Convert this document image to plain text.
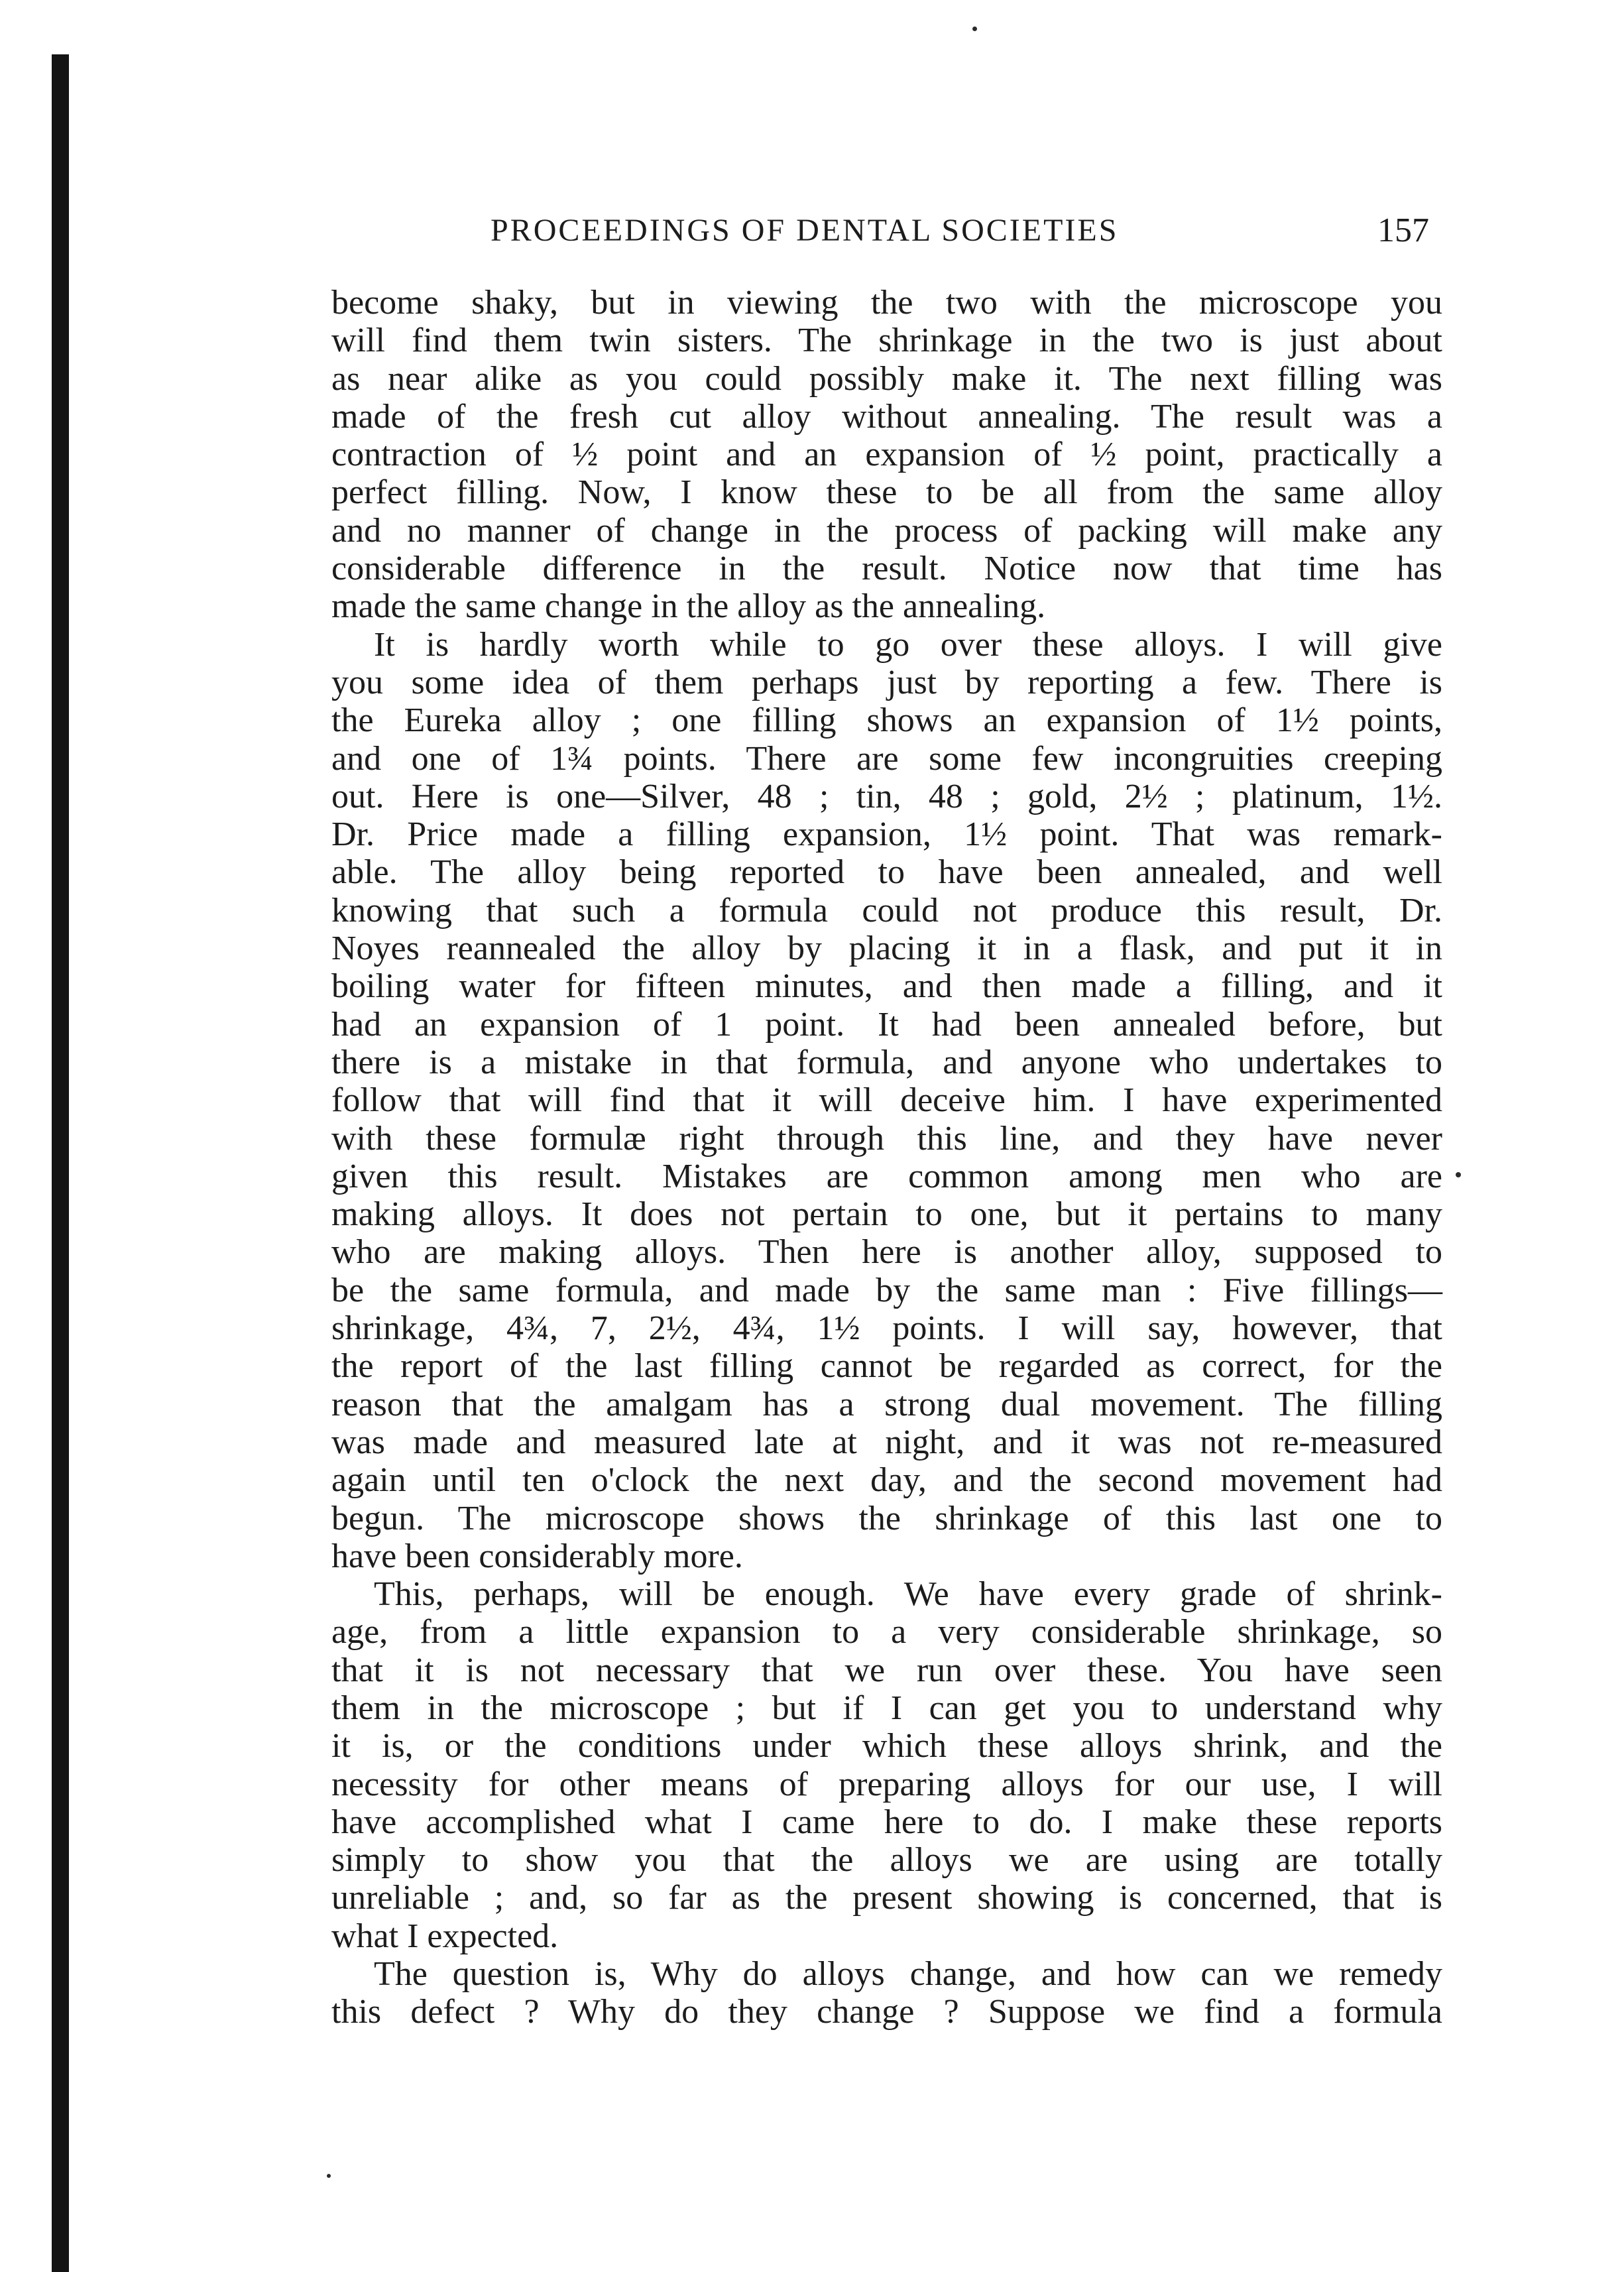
PROCEEDINGS OF DENTAL SOCIETIES	157
become shaky, but in viewing the two with the microscope you
will find them twin sisters. The shrinkage in the two is just about
as near alike as you could possibly make it. The next filling was
made of the fresh cut alloy without annealing. The result was a
contraction of ½ point and an expansion of ½ point, practically a
perfect filling. Now, I know these to be all from the same alloy
and no manner of change in the process of packing will make any
considerable difference in the result. Notice now that time has
made the same change in the alloy as the annealing.
It is hardly worth while to go over these alloys. I will give
you some idea of them perhaps just by reporting a few. There is
the Eureka alloy ; one filling shows an expansion of 1½ points,
and one of 1¾ points. There are some few incongruities creeping
out. Here is one—Silver, 48 ; tin, 48 ; gold, 2½ ; platinum, 1½.
Dr. Price made a filling expansion, 1½ point. That was remark-
able. The alloy being reported to have been annealed, and well
knowing that such a formula could not produce this result, Dr.
Noyes reannealed the alloy by placing it in a flask, and put it in
boiling water for fifteen minutes, and then made a filling, and it
had an expansion of 1 point. It had been annealed before, but
there is a mistake in that formula, and anyone who undertakes to
follow that will find that it will deceive him. I have experimented
with these formulæ right through this line, and they have never
given this result. Mistakes are common among men who are
making alloys. It does not pertain to one, but it pertains to many
who are making alloys. Then here is another alloy, supposed to
be the same formula, and made by the same man : Five fillings—
shrinkage, 4¾, 7, 2½, 4¾, 1½ points. I will say, however, that
the report of the last filling cannot be regarded as correct, for the
reason that the amalgam has a strong dual movement. The filling
was made and measured late at night, and it was not re-measured
again until ten o'clock the next day, and the second movement had
begun. The microscope shows the shrinkage of this last one to
have been considerably more.
This, perhaps, will be enough. We have every grade of shrink-
age, from a little expansion to a very considerable shrinkage, so
that it is not necessary that we run over these. You have seen
them in the microscope ; but if I can get you to understand why
it is, or the conditions under which these alloys shrink, and the
necessity for other means of preparing alloys for our use, I will
have accomplished what I came here to do. I make these reports
simply to show you that the alloys we are using are totally
unreliable ; and, so far as the present showing is concerned, that is
what I expected.
The question is, Why do alloys change, and how can we remedy
this defect ? Why do they change ? Suppose we find a formula
